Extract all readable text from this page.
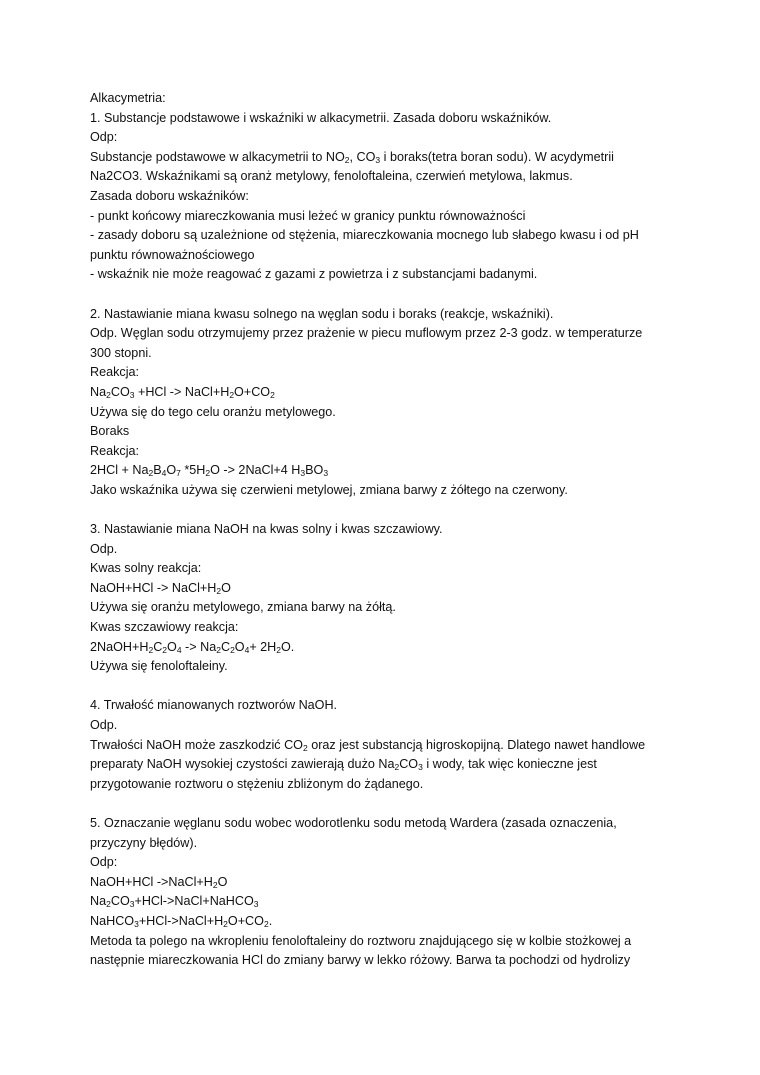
Alkacymetria:
1. Substancje podstawowe i wskaźniki w alkacymetrii. Zasada doboru wskaźników.
Odp:
Substancje podstawowe w alkacymetrii to $NO_2$, $CO_3$ i boraks(tetra boran sodu). W acydymetrii
Na2CO3. Wskaźnikami są oranż metylowy, fenoloftaleina, czerwień metylowa, lakmus.
Zasada doboru wskaźników:
- punkt końcowy miareczkowania musi leżeć w granicy punktu równoważności
- zasady doboru są uzależnione od stężenia, miareczkowania mocnego lub słabego kwasu i od pH
punktu równoważnościowego
- wskaźnik nie może reagować z gazami z powietrza i z substancjami badanymi.
2. Nastawianie miana kwasu solnego na węglan sodu i boraks (reakcje, wskaźniki).
Odp. Węglan sodu otrzymujemy przez prażenie w piecu muflowym przez 2-3 godz. w temperaturze
300 stopni.
Reakcja:
$Na_2CO_3 +HCl$ -> $NaCl+H_2O+CO_2$
Używa się do tego celu oranżu metylowego.
Boraks
Reakcja:
$2HCl + Na_2B_4O_7$ $*5H_2O$ -> 2NaCl+4 $H_3BO_3$
Jako wskaźnika używa się czerwieni metylowej, zmiana barwy z żółtego na czerwony.
3. Nastawianie miana NaOH na kwas solny i kwas szczawiowy.
Odp.
Kwas solny reakcja:
NaOH+HCl -> $NaCl+H_2O$
Używa się oranżu metylowego, zmiana barwy na żółtą.
Kwas szczawiowy reakcja:
$2NaOH+H_2C_2O_4 -> Na_2C_2O_4+ 2H_2O$.
Używa się fenoloftaleiny.
4. Trwałość mianowanych roztworów NaOH.
Odp.
Trwałości NaOH może zaszkodzić $CO_2$ oraz jest substancją higroskopijną. Dlatego nawet handlowe
preparaty NaOH wysokiej czystości zawierają dużo $Na_2CO_3$ i wody, tak więc konieczne jest
przygotowanie roztworu o stężeniu zbliżonym do żądanego.
5. Oznaczanie węglanu sodu wobec wodorotlenku sodu metodą Wardera (zasada oznaczenia,
przyczyny błędów).
Odp:
NaOH+HCl $->NaCl+H_2O$
$Na_2CO_3+HCl->NaCl+NaHCO_3$
$NaHCO_3+HCl->NaCl+H_2O+CO_2$.
Metoda ta polego na wkropleniu fenoloftaleiny do roztworu znajdującego się w kolbie stożkowej a
następnie miareczkowania HCl do zmiany barwy w lekko różowy. Barwa ta pochodzi od hydrolizy
